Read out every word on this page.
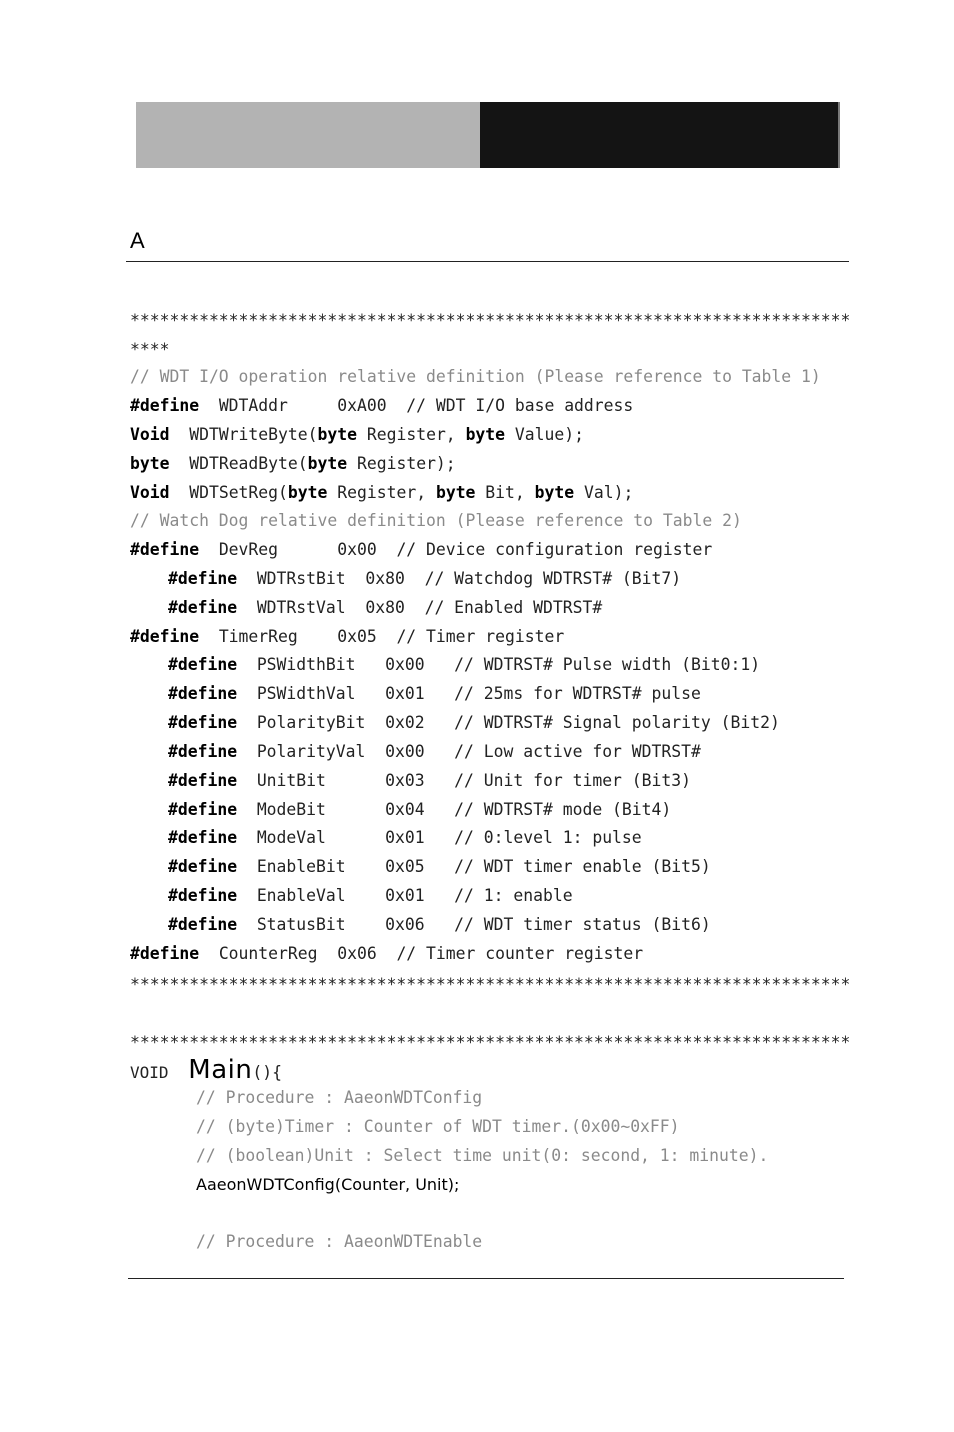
A
*************************************************************************
****
// WDT I/O operation relative definition (Please reference to Table 1)
#define  WDTAddr     0xA00  // WDT I/O base address
Void  WDTWriteByte(byte Register, byte Value);
byte  WDTReadByte(byte Register);
Void  WDTSetReg(byte Register, byte Bit, byte Val);
// Watch Dog relative definition (Please reference to Table 2)
#define  DevReg      0x00  // Device configuration register
#define  WDTRstBit  0x80  // Watchdog WDTRST# (Bit7)
#define  WDTRstVal  0x80  // Enabled WDTRST#
#define  TimerReg    0x05  // Timer register
#define  PSWidthBit   0x00   // WDTRST# Pulse width (Bit0:1)
#define  PSWidthVal   0x01   // 25ms for WDTRST# pulse
#define  PolarityBit  0x02   // WDTRST# Signal polarity (Bit2)
#define  PolarityVal  0x00   // Low active for WDTRST#
#define  UnitBit      0x03   // Unit for timer (Bit3)
#define  ModeBit      0x04   // WDTRST# mode (Bit4)
#define  ModeVal      0x01   // 0:level 1: pulse
#define  EnableBit    0x05   // WDT timer enable (Bit5)
#define  EnableVal    0x01   // 1: enable
#define  StatusBit    0x06   // WDT timer status (Bit6)
#define  CounterReg  0x06  // Timer counter register
*************************************************************************
*************************************************************************
VOID Main(){
// Procedure : AaeonWDTConfig
// (byte)Timer : Counter of WDT timer.(0x00~0xFF)
// (boolean)Unit : Select time unit(0: second, 1: minute).
AaeonWDTConfig(Counter, Unit);
// Procedure : AaeonWDTEnable
